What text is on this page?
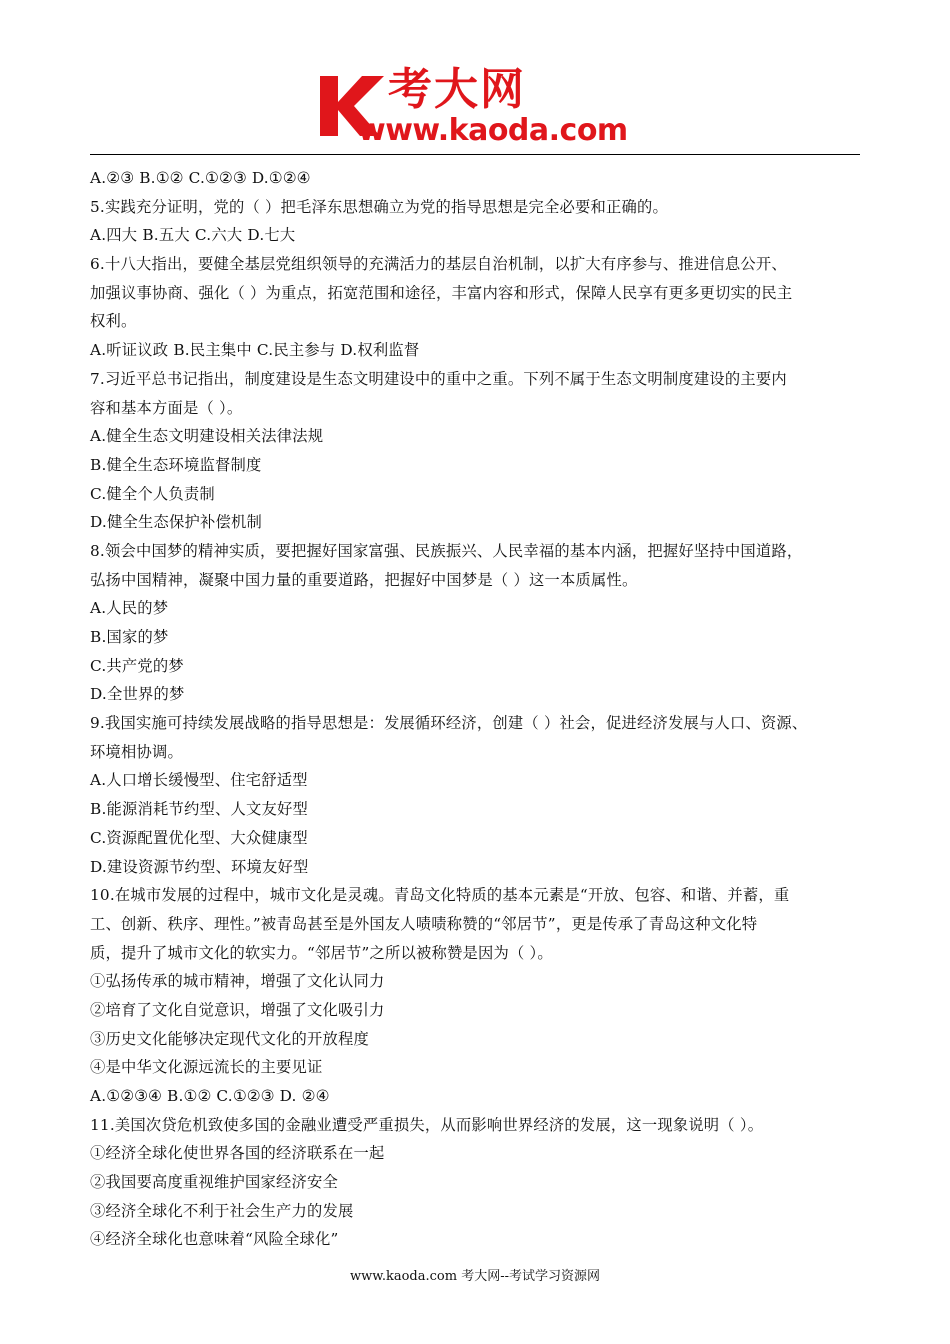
考大网
www.kaoda.com
A.②③ B.①② C.①②③ D.①②④
5.实践充分证明，党的（ ）把毛泽东思想确立为党的指导思想是完全必要和正确的。
A.四大 B.五大 C.六大 D.七大
6.十八大指出，要健全基层党组织领导的充满活力的基层自治机制，以扩大有序参与、推进信息公开、
加强议事协商、强化（ ）为重点，拓宽范围和途径，丰富内容和形式，保障人民享有更多更切实的民主
权利。
A.听证议政 B.民主集中 C.民主参与 D.权利监督
7.习近平总书记指出，制度建设是生态文明建设中的重中之重。下列不属于生态文明制度建设的主要内
容和基本方面是（ ）。
A.健全生态文明建设相关法律法规
B.健全生态环境监督制度
C.健全个人负责制
D.健全生态保护补偿机制
8.领会中国梦的精神实质，要把握好国家富强、民族振兴、人民幸福的基本内涵，把握好坚持中国道路，
弘扬中国精神，凝聚中国力量的重要道路，把握好中国梦是（ ）这一本质属性。
A.人民的梦
B.国家的梦
C.共产党的梦
D.全世界的梦
9.我国实施可持续发展战略的指导思想是：发展循环经济，创建（ ）社会，促进经济发展与人口、资源、
环境相协调。
A.人口增长缓慢型、住宅舒适型
B.能源消耗节约型、人文友好型
C.资源配置优化型、大众健康型
D.建设资源节约型、环境友好型
10.在城市发展的过程中，城市文化是灵魂。青岛文化特质的基本元素是“开放、包容、和谐、并蓄，重
工、创新、秩序、理性。”被青岛甚至是外国友人啧啧称赞的“邻居节”，更是传承了青岛这种文化特
质，提升了城市文化的软实力。“邻居节”之所以被称赞是因为（ ）。
①弘扬传承的城市精神，增强了文化认同力
②培育了文化自觉意识，增强了文化吸引力
③历史文化能够决定现代文化的开放程度
④是中华文化源远流长的主要见证
A.①②③④ B.①② C.①②③ D. ②④
11.美国次贷危机致使多国的金融业遭受严重损失，从而影响世界经济的发展，这一现象说明（ ）。
①经济全球化使世界各国的经济联系在一起
②我国要高度重视维护国家经济安全
③经济全球化不利于社会生产力的发展
④经济全球化也意味着“风险全球化”
www.kaoda.com 考大网--考试学习资源网
